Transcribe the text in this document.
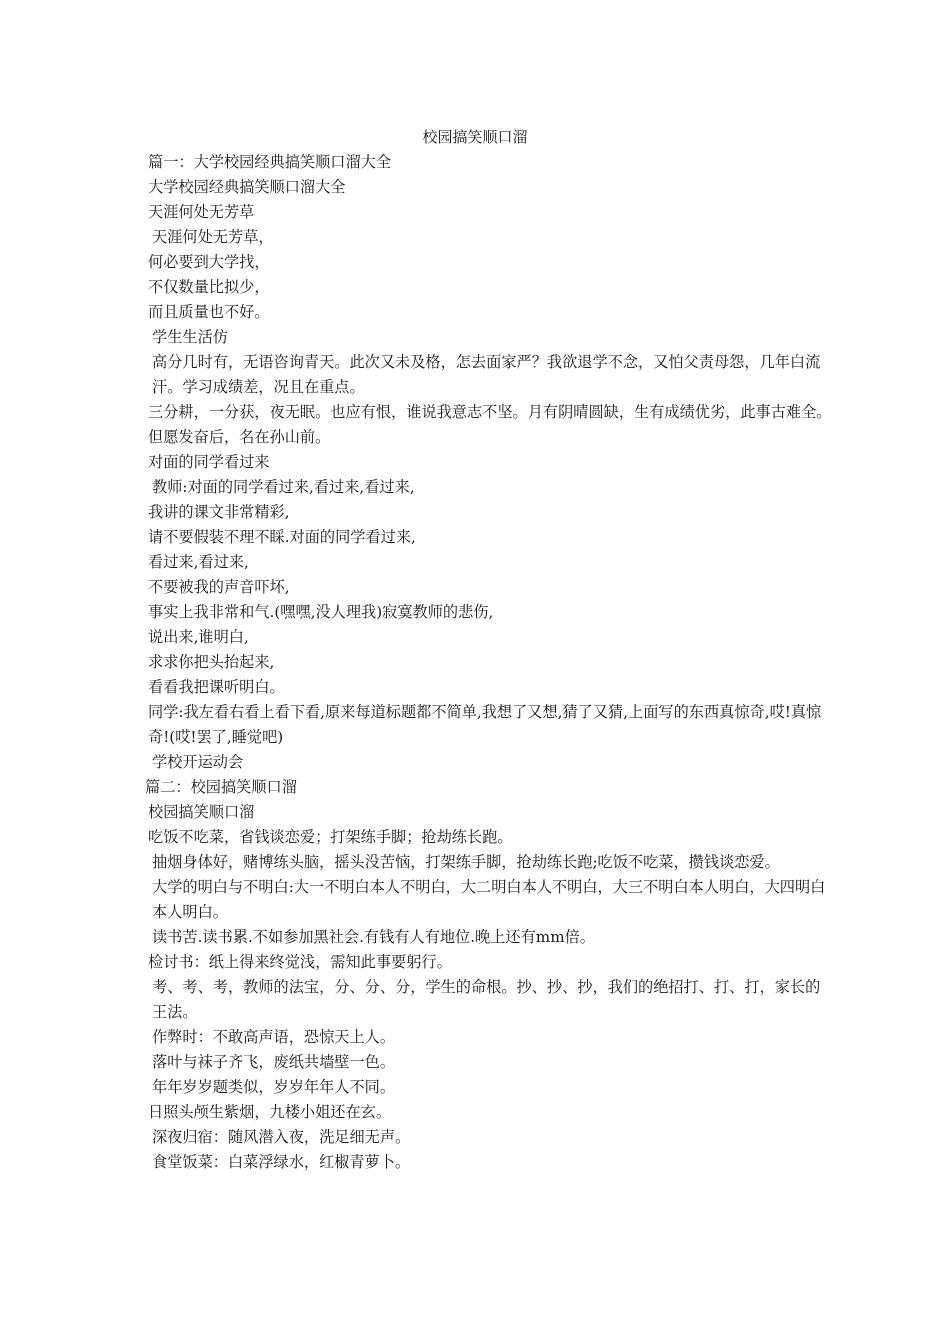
校园搞笑顺口溜
篇一：大学校园经典搞笑顺口溜大全
大学校园经典搞笑顺口溜大全
天涯何处无芳草
天涯何处无芳草，
何必要到大学找，
不仅数量比拟少，
而且质量也不好。
学生生活仿
高分几时有，无语咨询青天。此次又未及格，怎去面家严？我欲退学不念，又怕父责母怨，几年白流汗。学习成绩差，况且在重点。
三分耕，一分获，夜无眠。也应有恨，谁说我意志不坚。月有阴晴圆缺，生有成绩优劣，此事古难全。
但愿发奋后，名在孙山前。
对面的同学看过来
教师:对面的同学看过来,看过来,看过来,
我讲的课文非常精彩,
请不要假装不理不睬.对面的同学看过来,
看过来,看过来,
不要被我的声音吓坏,
事实上我非常和气.(嘿嘿,没人理我)寂寞教师的悲伤,
说出来,谁明白,
求求你把头抬起来,
看看我把课听明白。
同学:我左看右看上看下看,原来每道标题都不简单,我想了又想,猜了又猜,上面写的东西真惊奇,哎!真惊奇!(哎!罢了,睡觉吧)
学校开运动会
篇二：校园搞笑顺口溜
校园搞笑顺口溜
吃饭不吃菜，省钱谈恋爱；打架练手脚；抢劫练长跑。
抽烟身体好，赌博练头脑，摇头没苦恼，打架练手脚，抢劫练长跑;吃饭不吃菜，攒钱谈恋爱。
大学的明白与不明白:大一不明白本人不明白，大二明白本人不明白，大三不明白本人明白，大四明白本人明白。
读书苦.读书累.不如参加黑社会.有钱有人有地位.晚上还有mm倍。
检讨书：纸上得来终觉浅，需知此事要躬行。
考、考、考，教师的法宝，分、分、分，学生的命根。抄、抄、抄，我们的绝招打、打、打，家长的王法。
作弊时：不敢高声语，恐惊天上人。
落叶与袜子齐飞，废纸共墙壁一色。
年年岁岁题类似，岁岁年年人不同。
日照头颅生紫烟，九楼小姐还在玄。
深夜归宿：随风潜入夜，洗足细无声。
食堂饭菜：白菜浮绿水，红椒青萝卜。
